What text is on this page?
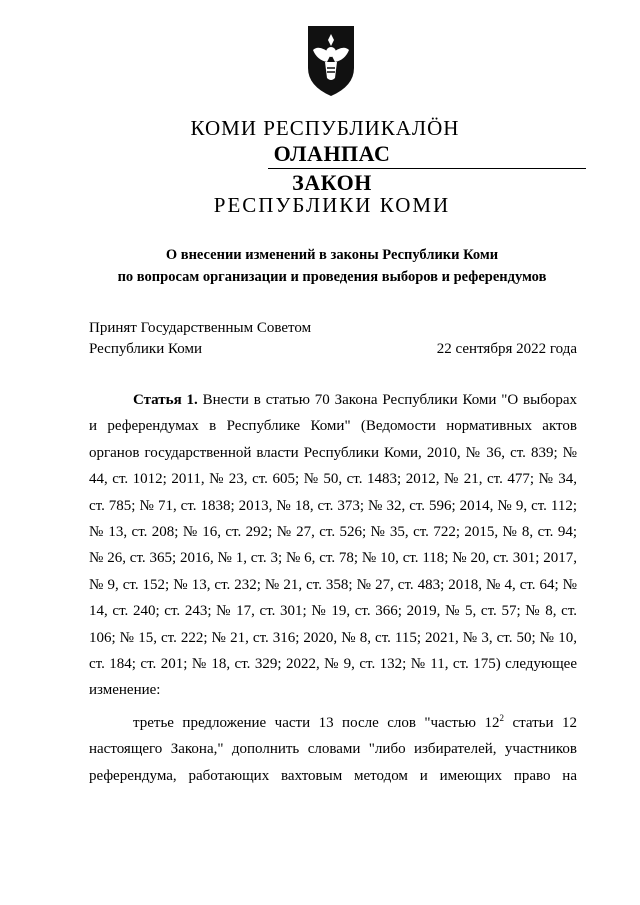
КОМИ РЕСПУБЛИКАЛӦН
ОЛАНПАС
ЗАКОН
РЕСПУБЛИКИ КОМИ
О внесении изменений в законы Республики Коми
по вопросам организации и проведения выборов и референдумов
Принят Государственным Советом
Республики Коми	22 сентября 2022 года

Статья 1. Внести в статью 70 Закона Республики Коми "О выборах и референдумах в Республике Коми" (Ведомости нормативных актов органов государственной власти Республики Коми, 2010, № 36, ст. 839; № 44, ст. 1012; 2011, № 23, ст. 605; № 50, ст. 1483; 2012, № 21, ст. 477; № 34, ст. 785; № 71, ст. 1838; 2013, № 18, ст. 373; № 32, ст. 596; 2014, № 9, ст. 112; № 13, ст. 208; № 16, ст. 292; № 27, ст. 526; № 35, ст. 722; 2015, № 8, ст. 94; № 26, ст. 365; 2016, № 1, ст. 3; № 6, ст. 78; № 10, ст. 118; № 20, ст. 301; 2017, № 9, ст. 152; № 13, ст. 232; № 21, ст. 358; № 27, ст. 483; 2018, № 4, ст. 64; № 14, ст. 240; ст. 243; № 17, ст. 301; № 19, ст. 366; 2019, № 5, ст. 57; № 8, ст. 106; № 15, ст. 222; № 21, ст. 316; 2020, № 8, ст. 115; 2021, № 3, ст. 50; № 10, ст. 184; ст. 201; № 18, ст. 329; 2022, № 9, ст. 132; № 11, ст. 175) следующее изменение:

третье предложение части 13 после слов "частью $12^2$ статьи 12 настоящего Закона," дополнить словами "либо избирателей, участников референдума, работающих вахтовым методом и имеющих право на
